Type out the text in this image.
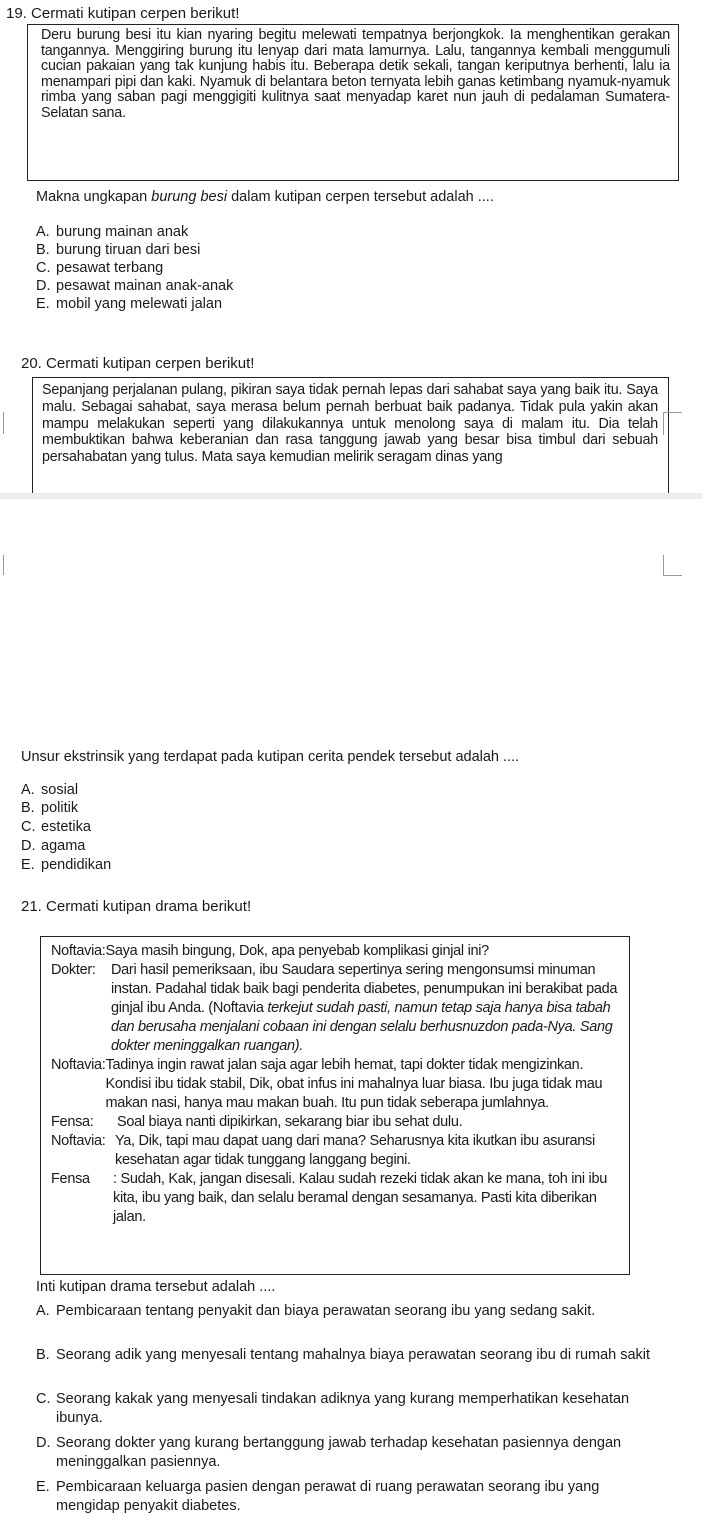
19. Cermati kutipan cerpen berikut!
Deru burung besi itu kian nyaring begitu melewati tempatnya berjongkok. Ia menghentikan gerakan tangannya. Menggiring burung itu lenyap dari mata lamurnya. Lalu, tangannya kembali menggumuli cucian pakaian yang tak kunjung habis itu. Beberapa detik sekali, tangan keriputnya berhenti, lalu ia menampari pipi dan kaki. Nyamuk di belantara beton ternyata lebih ganas ketimbang nyamuk-nyamuk rimba yang saban pagi menggigiti kulitnya saat menyadap karet nun jauh di pedalaman Sumatera-Selatan sana.
Makna ungkapan burung besi dalam kutipan cerpen tersebut adalah ....
A. burung mainan anak
B. burung tiruan dari besi
C. pesawat terbang
D. pesawat mainan anak-anak
E. mobil yang melewati jalan
20. Cermati kutipan cerpen berikut!
Sepanjang perjalanan pulang, pikiran saya tidak pernah lepas dari sahabat saya yang baik itu. Saya malu. Sebagai sahabat, saya merasa belum pernah berbuat baik padanya. Tidak pula yakin akan mampu melakukan seperti yang dilakukannya untuk menolong saya di malam itu. Dia telah membuktikan bahwa keberanian dan rasa tanggung jawab yang besar bisa timbul dari sebuah persahabatan yang tulus. Mata saya kemudian melirik seragam dinas yang
Unsur ekstrinsik yang terdapat pada kutipan cerita pendek tersebut adalah ....
A. sosial
B. politik
C. estetika
D. agama
E. pendidikan
21. Cermati kutipan drama berikut!
Noftavia:Saya masih bingung, Dok, apa penyebab komplikasi ginjal ini?
Dokter: Dari hasil pemeriksaan, ibu Saudara sepertinya sering mengonsumsi minuman instan. Padahal tidak baik bagi penderita diabetes, penumpukan ini berakibat pada ginjal ibu Anda. (Noftavia terkejut sudah pasti, namun tetap saja hanya bisa tabah dan berusaha menjalani cobaan ini dengan selalu berhusnuzdon pada-Nya. Sang dokter meninggalkan ruangan).
Noftavia:Tadinya ingin rawat jalan saja agar lebih hemat, tapi dokter tidak mengizinkan. Kondisi ibu tidak stabil, Dik, obat infus ini mahalnya luar biasa. Ibu juga tidak mau makan nasi, hanya mau makan buah. Itu pun tidak seberapa jumlahnya.
Fensa: Soal biaya nanti dipikirkan, sekarang biar ibu sehat dulu.
Noftavia: Ya, Dik, tapi mau dapat uang dari mana? Seharusnya kita ikutkan ibu asuransi kesehatan agar tidak tunggang langgang begini.
Fensa : Sudah, Kak, jangan disesali. Kalau sudah rezeki tidak akan ke mana, toh ini ibu kita, ibu yang baik, dan selalu beramal dengan sesamanya. Pasti kita diberikan jalan.
Inti kutipan drama tersebut adalah ....
A. Pembicaraan tentang penyakit dan biaya perawatan seorang ibu yang sedang sakit.
B. Seorang adik yang menyesali tentang mahalnya biaya perawatan seorang ibu di rumah sakit
C. Seorang kakak yang menyesali tindakan adiknya yang kurang memperhatikan kesehatan ibunya.
D. Seorang dokter yang kurang bertanggung jawab terhadap kesehatan pasiennya dengan meninggalkan pasiennya.
E. Pembicaraan keluarga pasien dengan perawat di ruang perawatan seorang ibu yang mengidap penyakit diabetes.
